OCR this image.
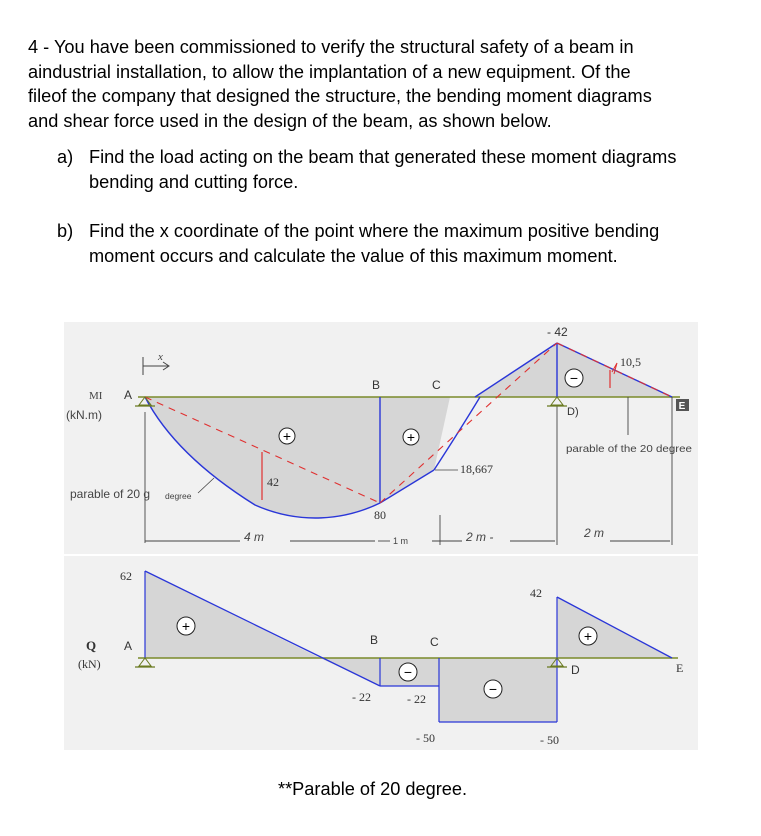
4 - You have been commissioned to verify the structural safety of a beam in
aindustrial installation, to allow the implantation of a new equipment. Of the
fileof the company that designed the structure, the bending moment diagrams
and shear force used in the design of the beam, as shown below.
a) Find the load acting on the beam that generated these moment diagrams
bending and cutting force.
b) Find the x coordinate of the point where the maximum positive bending
moment occurs and calculate the value of this maximum moment.
+	+
−
MI
(kN.m)
x
A
B	C
D)	E
- 42
10,5
18,667
80
42
4 m	1 m	2 m -	2 m
parable of 20 g degree
parable of the 20 degree
+
−
−
+
Q
(kN)
A	B	C
D	E
62
- 22	- 22
- 50	- 50
42
**Parable of 20 degree.
